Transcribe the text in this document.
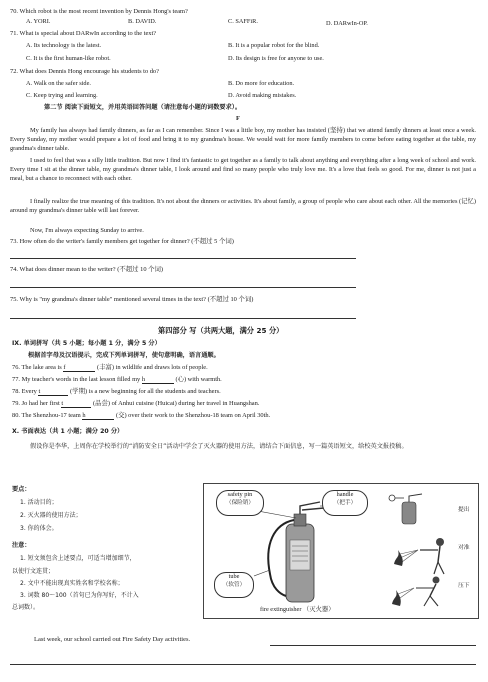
70. Which robot is the most recent invention by Dennis Hong's team?
A. YORI.	B. DAVID.	C. SAFFiR.	D. DARwIn-OP.
71. What is special about DARwIn according to the text?
A. Its technology is the latest.	B. It is a popular robot for the blind.
C. It is the first human-like robot.	D. Its design is free for anyone to use.
72. What does Dennis Hong encourage his students to do?
A. Walk on the safer side.	B. Do more for education.
C. Keep trying and learning.	D. Avoid making mistakes.
第二节 阅读下面短文，并用英语回答问题（请注意每小题的词数要求）。
F
My family has always had family dinners, as far as I can remember. Since I was a little boy, my mother has insisted (坚持) that we attend family dinners at least once a week. Every Sunday, my mother would prepare a lot of food and bring it to my grandma's house. We would wait for more family members to come before eating together at the table, my grandma's dinner table.
I used to feel that was a silly little tradition. But now I find it's fantastic to get together as a family to talk about anything and everything after a long week of school and work. Every time I sit at the dinner table, my grandma's dinner table, I look around and find so many people who truly love me. It's a love that feels so good. For me, dinner is not just a meal, but a chance to reconnect with each other.
I finally realize the true meaning of this tradition. It's not about the dinners or activities. It's about family, a group of people who care about each other. All the memories (记忆) around my grandma's dinner table will last forever.
Now, I'm always expecting Sunday to arrive.
73. How often do the writer's family members get together for dinner? (不超过 5 个词)
74. What does dinner mean to the writer? (不超过 10 个词)
75. Why is "my grandma's dinner table" mentioned several times in the text? (不超过 10 个词)
第四部分 写（共两大题，满分 25 分）
IX. 单词拼写（共 5 小题；每小题 1 分，满分 5 分）
根据首字母及汉语提示，完成下列单词拼写，使句意明确，语言通顺。
76. The lake area is f	(丰富) in wildlife and draws lots of people.
77. My teacher's words in the last lesson filled my h	(心) with warmth.
78. Every t	(学期) is a new beginning for all the students and teachers.
79. Jo had her first t	(品尝) of Anhui cuisine (Huicai) during her travel in Huangshan.
80. The Shenzhou-17 team h	(交) over their work to the Shenzhou-18 team on April 30th.
X. 书面表达（共 1 小题；满分 20 分）
假设你是李华，上周你在学校举行的“消防安全日”活动中学会了灭火器的使用方法，请结合下面信息，写一篇英语短文，给校英文报投稿。
要点：
1. 活动目的；
2. 灭火器的使用方法；
3. 你的体会。
注意：
1. 短文须包含上述要点，可适当增加细节，
以使行文连贯；
2. 文中不能出现真实姓名和学校名称；
3. 词数 80～100（首句已为你写好，不计入
总词数）。
safety pin
（保险销）
handle
（把手）
tube
（软管）
提出
对准
压下
fire extinguisher （灭火器）
Last week, our school carried out Fire Safety Day activities.
